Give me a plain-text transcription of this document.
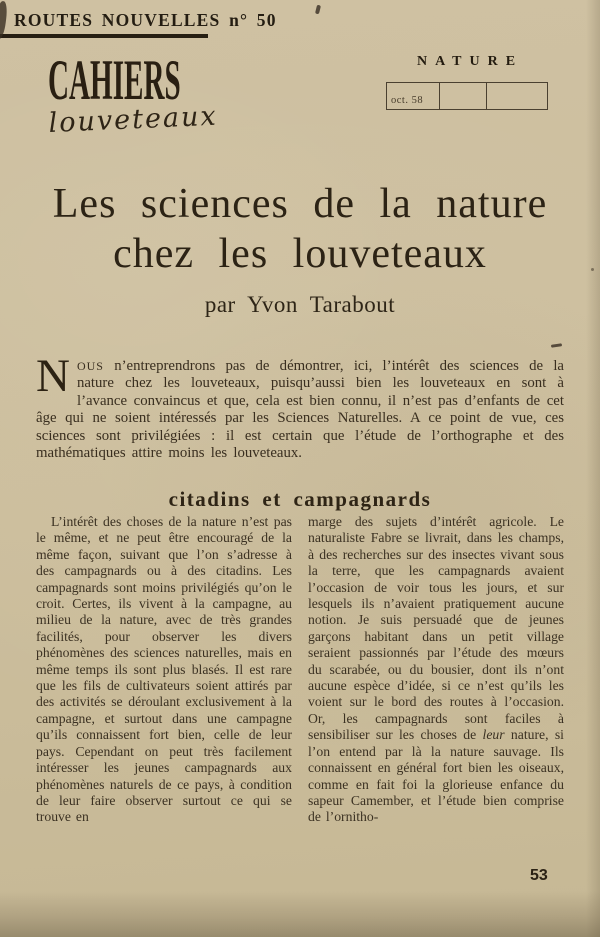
ROUTES NOUVELLES n° 50
CAHIERS
louveteaux
NATURE
oct. 58
Les sciences de la nature
chez les louveteaux
par Yvon Tarabout
NOUS n’entreprendrons pas de démontrer, ici, l’intérêt des sciences de la nature chez les louveteaux, puisqu’aussi bien les louveteaux en sont à l’avance convaincus et que, cela est bien connu, il n’est pas d’enfants de cet âge qui ne soient intéressés par les Sciences Naturelles. A ce point de vue, ces sciences sont privilégiées : il est certain que l’étude de l’orthographe et des mathématiques attire moins les louveteaux.
citadins et campagnards

L’intérêt des choses de la nature n’est pas le même, et ne peut être encouragé de la même façon, suivant que l’on s’adresse à des campagnards ou à des citadins. Les campagnards sont moins privilégiés qu’on le croit. Certes, ils vivent à la campagne, au milieu de la nature, avec de très grandes facilités, pour observer les divers phénomènes des sciences naturelles, mais en même temps ils sont plus blasés. Il est rare que les fils de cultivateurs soient attirés par des activités se déroulant exclusivement à la campagne, et surtout dans une campagne qu’ils connaissent fort bien, celle de leur pays. Cependant on peut très facilement intéresser les jeunes campagnards aux phénomènes naturels de ce pays, à condition de leur faire observer surtout ce qui se trouve en

marge des sujets d’intérêt agricole. Le naturaliste Fabre se livrait, dans les champs, à des recherches sur des insectes vivant sous la terre, que les campagnards avaient l’occasion de voir tous les jours, et sur lesquels ils n’avaient pratiquement aucune notion. Je suis persuadé que de jeunes garçons habitant dans un petit village seraient passionnés par l’étude des mœurs du scarabée, ou du bousier, dont ils n’ont aucune espèce d’idée, si ce n’est qu’ils les voient sur le bord des routes à l’occasion. Or, les campagnards sont faciles à sensibiliser sur les choses de leur nature, si l’on entend par là la nature sauvage. Ils connaissent en général fort bien les oiseaux, comme en fait foi la glorieuse enfance du sapeur Camember, et l’étude bien comprise de l’ornitho-

53
